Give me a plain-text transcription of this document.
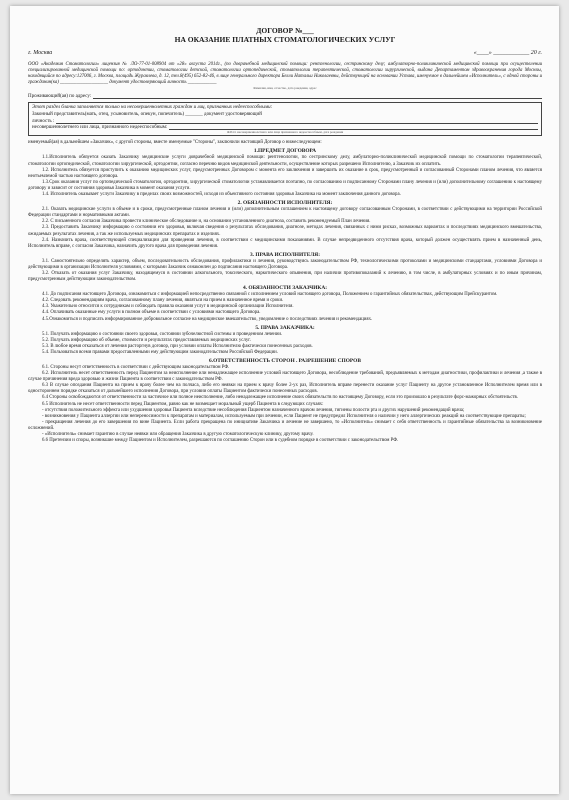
ДОГОВОР №___
НА ОКАЗАНИЕ ПЛАТНЫХ СТОМАТОЛОГИЧЕСКИХ УСЛУГ
г. Москва	«____» ____________ 20 г.

ООО «Академия Стоматологии» лицензия № ЛО-77-01-008904 от «28» августа 2014г., (по доврачебной медицинской помощи: рентгенологии, сестринскому делу; амбулаторно-поликлинической медицинской помощи при осуществлении специализированной медицинской помощи по: ортодонтии, стоматологии детской, стоматологии ортопедической, стоматологии терапевтической, стоматологии хирургической, выдана Департаментом здравоохранения города Москвы, находящийся по адресу:127006, г. Москва, площадь Журавлева, д. 12, тел.8(495) 652-82-46, в лице генерального директора Белли Натальи Николаевны, действующей на основании Устава, именуемое в дальнейшем «Исполнитель», с одной стороны и гражданин(ка) ____________________ документ удостоверяющий личность ____________

Фамилия, имя, отчество, дата рождения, адрес
Проживающий(ая) по адресу:
Этот раздел бланка заполняется только на несовершеннолетних граждан и лиц, признанных недееспособными:
Законный представитель(мать, отец, усыновитель, опекун, попечитель) _______ документ удостоверяющий
личность :
несовершеннолетнего или лица, признанного недееспособным:
Ф.И.О. несовершеннолетнего или лица признанного недееспособным, дата рождения

именуемый(ая) в дальнейшем «Заказчик», с другой стороны, вместе именуемые "Стороны", заключили настоящий Договор о нижеследующем:

1.ПРЕДМЕТ ДОГОВОРА

1.1.Исполнитель обязуется оказать Заказчику медицинские услуги доврачебной медицинской помощи: рентгенологии, по сестринскому делу, амбулаторно-поликлинической медицинской помощи по стоматологии терапевтической, стоматологии ортопедической, стоматологии хирургической, ортодонтии, согласно перечню видов медицинской деятельности, осуществление которых разрешено Исполнителю, а Заказчик их оплатить.

1.2. Исполнитель обязуется приступить к оказанию медицинских услуг, предусмотренных Договором с момента его заключения и завершить их оказание в срок, предусмотренный и согласованный Сторонами планом лечения, что является неотъемлемой частью настоящего договора.

1.3.Срок оказания услуг по ортопедической стоматологии, ортодонтии, хирургической стоматологии устанавливается поэтапно, по согласованию и подписанному Сторонами плану лечения и (или) дополнительному соглашению к настоящему договору и зависит от состояния здоровья Заказчика в момент оказания услуги.

1.4. Исполнитель оказывает услуги Заказчику в пределах своих возможностей, исходя из объективного состояния здоровья Заказчика на момент заключения данного договора.

2. ОБЯЗАННОСТИ ИСПОЛНИТЕЛЯ:

2.1. Оказать медицинские услуги в объеме и в сроки, предусмотренные планом лечения и (или) дополнительным соглашением к настоящему договору согласованным Сторонами, в соответствии с действующими на территории Российской Федерации стандартами и нормативными актами.

2.2. С письменного согласия Заказчика провести клиническое обследование и, на основании установленного диагноза, составить рекомендуемый План лечения.

2.3. Предоставить Заказчику информацию о состоянии его здоровья, включая сведения о результатах обследования, диагнозе, методах лечения, связанных с ними рисках, возможных вариантах и последствиях медицинского вмешательства, ожидаемых результатах лечения, а так же используемых медицинских препаратах и изделиях.

2.4. Назначить врача, соответствующей специализации для проведения лечения, в соответствии с медицинскими показаниями. В случае непредвиденного отсутствия врача, который должен осуществлять прием в назначенный день, Исполнитель вправе, с согласия Заказчика, назначить другого врача для проведения лечения.

3. ПРАВА ИСПОЛНИТЕЛЯ:

3.1. Самостоятельно определять характер, объем, последовательность обследования, профилактики и лечения, руководствуясь законодательством РФ, технологическими протоколами и медицинскими стандартами, условиями Договора и действующими в организации Исполнителя условиями, с которыми Заказчик ознакомлен до подписания настоящего Договора.

3.2. Отказать от оказания услуг Заказчику, находящемуся в состоянии алкогольного, токсического, наркотического опьянения, при наличии противопоказаний к лечению, в том числе, в амбулаторных условиях и по иным причинам, предусмотренным действующим законодательством.

4. ОБЯЗАННОСТИ ЗАКАЗЧИКА:

4.1. До подписания настоящего Договора, ознакомиться с информацией непосредственно связанной с исполнением условий настоящего договора, Положением о гарантийных обязательствах, действующим Прейскурантом.

4.2. Следовать рекомендациям врача, согласованному плану лечения, являться на прием в назначенное время и сроки.

4.3. Уважительно относится к сотрудникам и соблюдать правила оказания услуг в медицинской организации Исполнителя.

4.4. Оплачивать оказанные ему услуги в полном объеме в соответствии с условиями настоящего Договора.

4.5.Ознакомиться и подписать информированное добровольное согласие на медицинское вмешательство, уведомление о последствиях лечения и рекомендациях.

5. ПРАВА ЗАКАЗЧИКА:

5.1. Получать информацию о состоянии своего здоровья, состоянии зубочелюстной системы и проведенном лечении.

5.2. Получать информацию об объеме, стоимости и результатах предоставляемых медицинских услуг.

5.3. В любое время отказаться от лечения расторгнув договор, при условии оплаты Исполнителю фактически понесенных расходов.

5.4. Пользоваться всеми правами предоставленными ему действующим законодательством Российской Федерации.

6.ОТВЕТСТВЕННОСТЬ СТОРОН . РАЗРЕШЕНИЕ СПОРОВ

6.1. Стороны несут ответственность в соответствии с действующим законодательством РФ.

6.2. Исполнитель несет ответственность перед Пациентом за неисполнение или ненадлежащее исполнение условий настоящего Договора, несоблюдение требований, предъявляемых к методам диагностики, профилактики и лечения ,а также в случае причинения вреда здоровью и жизни Пациента в соответствии с законодательством РФ.

6.3 В случае опоздания Пациента на прием к врачу более чем на полчаса, либо его неявки на прием к врачу более 2-ух раз, Исполнитель вправе перенести оказание услуг Пациенту на другое установленное Исполнителем время или в одностороннем порядке отказаться от дальнейшего исполнения Договора, при условии оплаты Пациентом фактически понесенных расходов.

6.4 Стороны освобождаются от ответственности за частичное или полное неисполнение, либо ненадлежащее исполнение своих обязательств по настоящему Договору, если это произошло в результате форс-мажорных обстоятельств.

6.5 Исполнитель не несет ответственности перед Пациентом, равно как не возмещает моральный ущерб Пациента в следующих случаях:

- отсутствия положительного эффекта или ухудшения здоровья Пациента вследствие несоблюдения Пациентом назначенного врачом лечения, гигиены полости рта и других нарушений рекомендаций врача;

- возникновения у Пациента аллергии или непереносимости к препаратам и материалам, используемым при лечении, если Пациент не предупредил Исполнителя о наличии у него аллергических реакций на соответствующие препараты;

- прекращения лечения до его завершения по вине Пациента. Если работа прекращена по инициативе Заказчика и лечение не завершено, то «Исполнитель» снимает с себя ответственность и гарантийные обязательства за возникновение осложнений.

- «Исполнитель» снимает гарантию в случае неявки или обращения Заказчика в другую стоматологическую клинику, другому врачу.

6.6 Претензии и споры, возникшие между Пациентом и Исполнителем, разрешаются по соглашению Сторон или в судебном порядке в соответствии с законодательством РФ.
